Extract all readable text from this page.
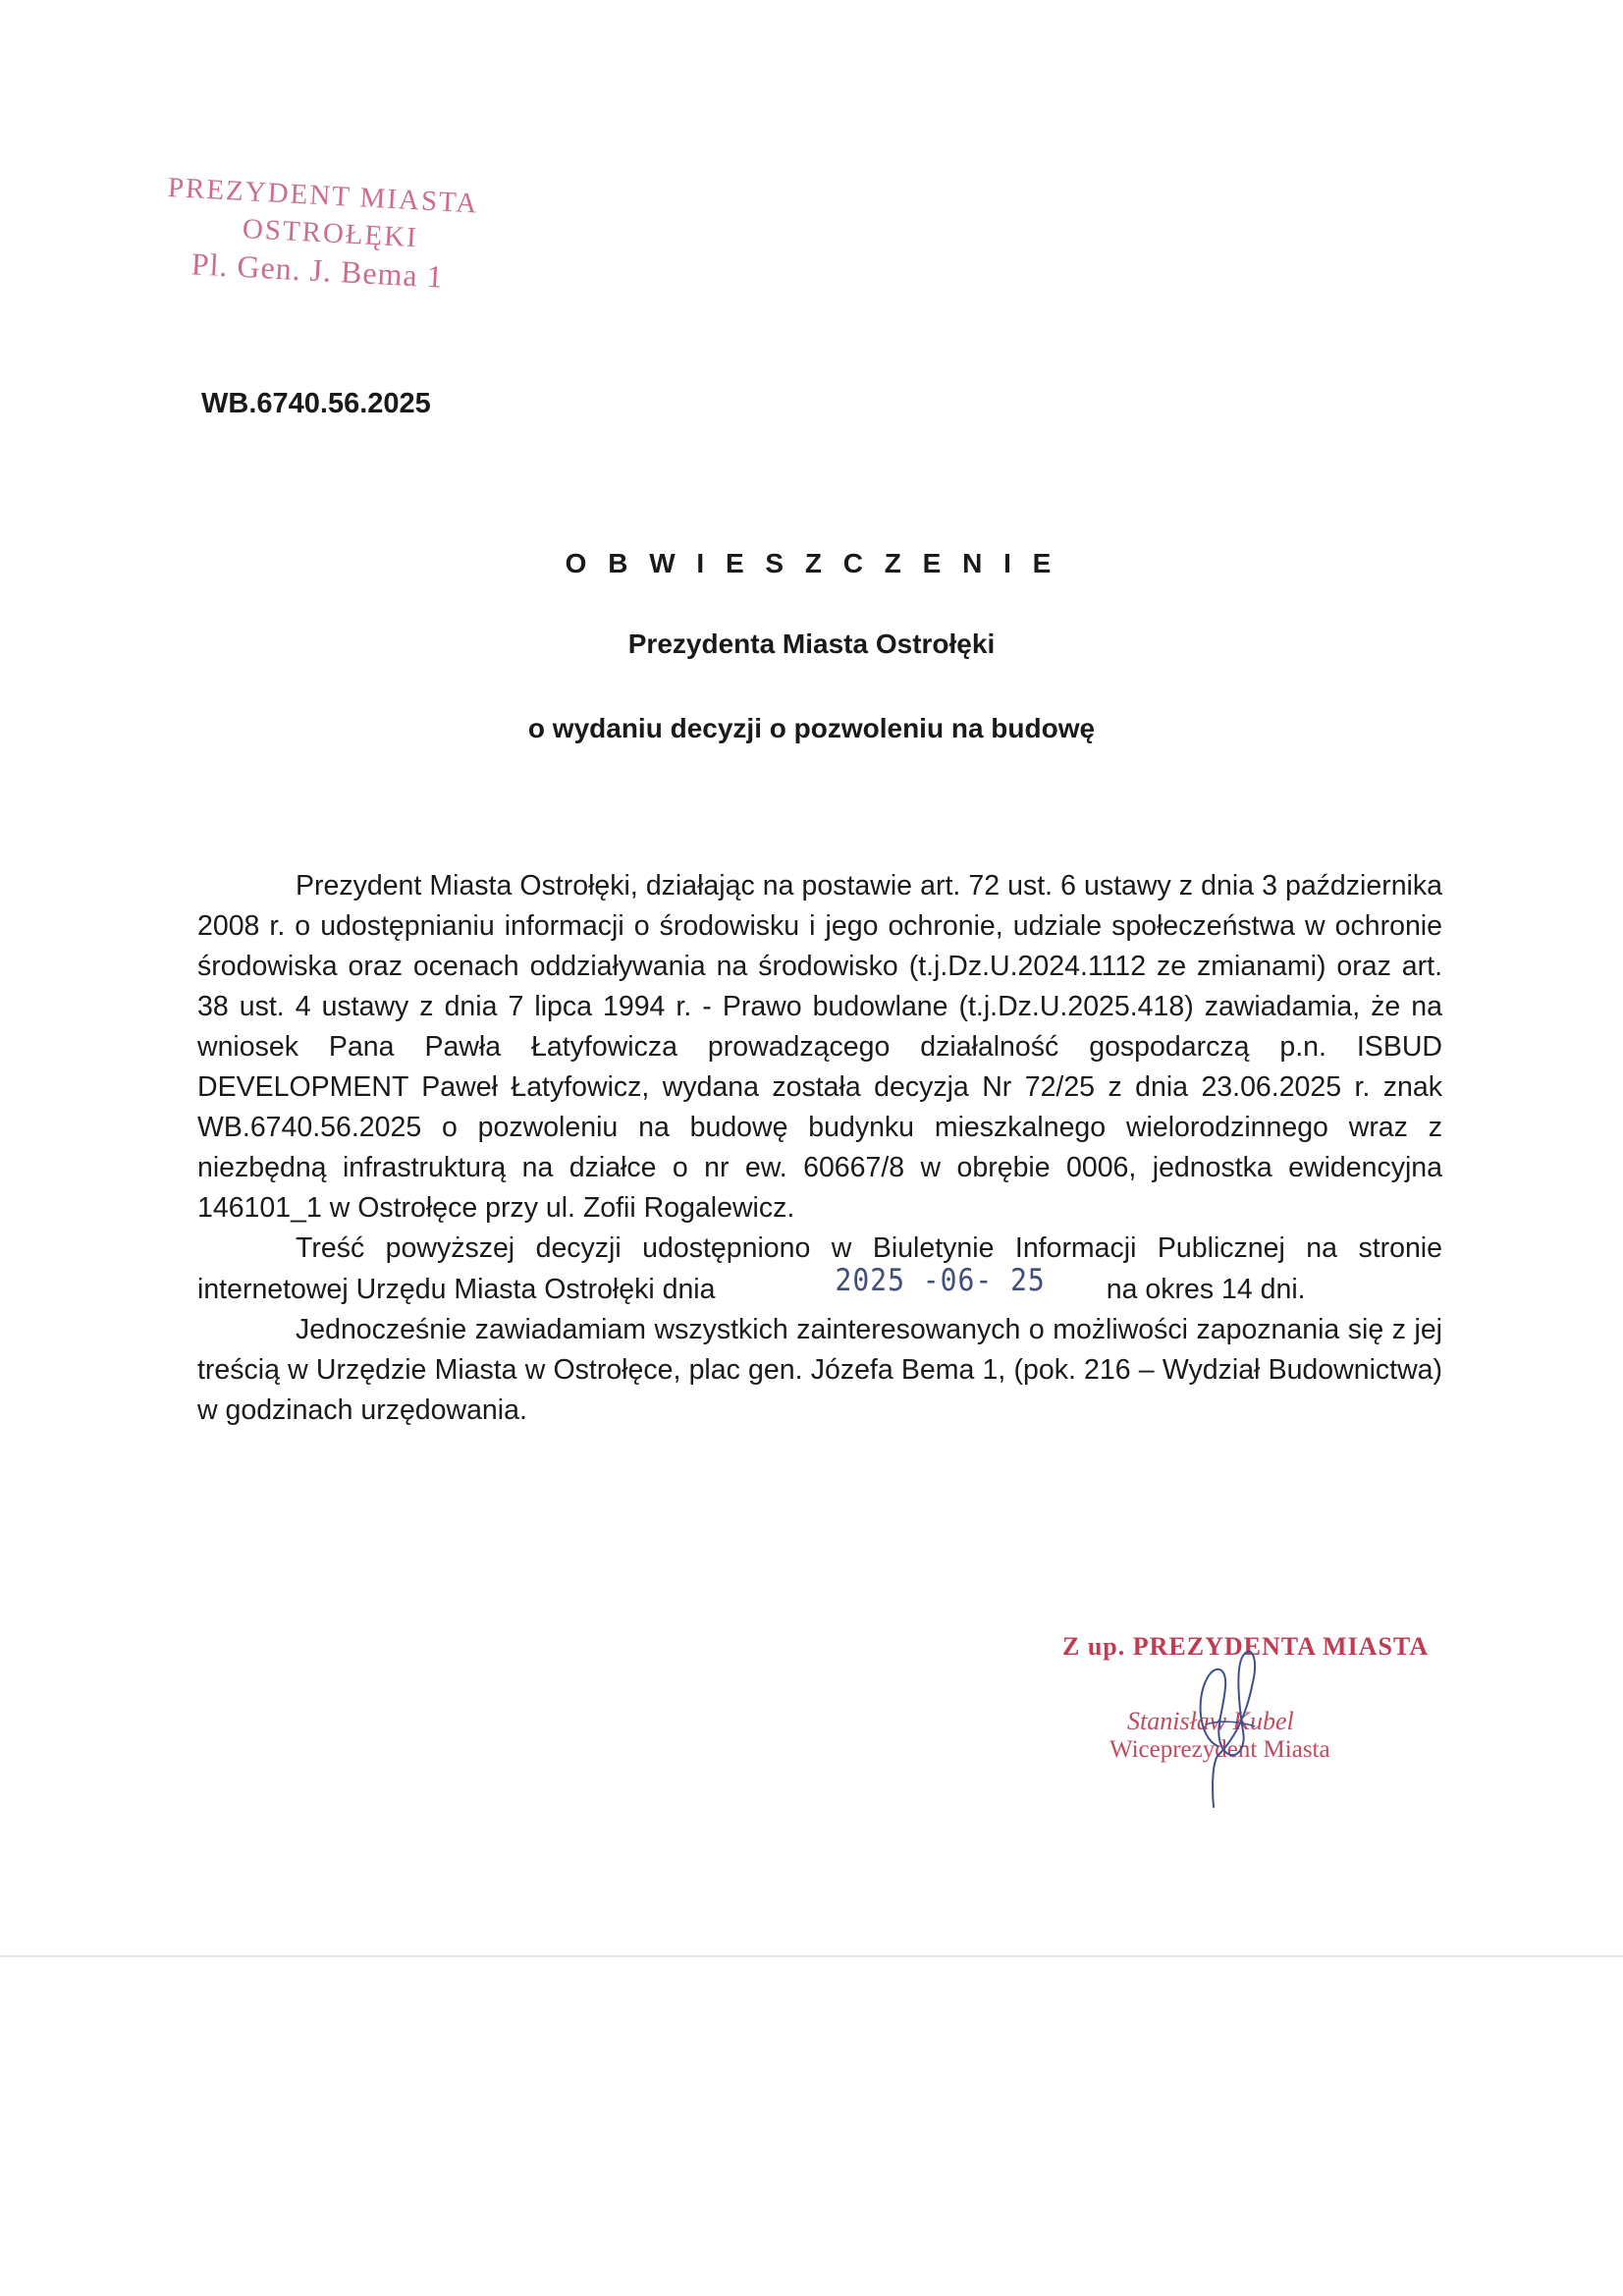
PREZYDENT MIASTA
OSTROŁĘKI
Pl. Gen. J. Bema 1
WB.6740.56.2025
O B W I E S Z C Z E N I E
Prezydenta Miasta Ostrołęki
o wydaniu decyzji o pozwoleniu na budowę

Prezydent Miasta Ostrołęki, działając na postawie art. 72 ust. 6 ustawy z dnia 3 października 2008 r. o udostępnianiu informacji o środowisku i jego ochronie, udziale społeczeństwa w ochronie środowiska oraz ocenach oddziaływania na środowisko (t.j.Dz.U.2024.1112 ze zmianami) oraz art. 38 ust. 4 ustawy z dnia 7 lipca 1994 r. - Prawo budowlane (t.j.Dz.U.2025.418) zawiadamia, że na wniosek Pana Pawła Łatyfowicza prowadzącego działalność gospodarczą p.n. ISBUD DEVELOPMENT Paweł Łatyfowicz, wydana została decyzja Nr 72/25 z dnia 23.06.2025 r. znak WB.6740.56.2025 o pozwoleniu na budowę budynku mieszkalnego wielorodzinnego wraz z niezbędną infrastrukturą na działce o nr ew. 60667/8 w obrębie 0006, jednostka ewidencyjna 146101_1 w Ostrołęce przy ul. Zofii Rogalewicz.

Treść powyższej decyzji udostępniono w Biuletynie Informacji Publicznej na stronie internetowej Urzędu Miasta Ostrołęki dnia	2025 -06- 25 na okres 14 dni.

Jednocześnie zawiadamiam wszystkich zainteresowanych o możliwości zapoznania się z jej treścią w Urzędzie Miasta w Ostrołęce, plac gen. Józefa Bema 1, (pok. 216 – Wydział Budownictwa) w godzinach urzędowania.

Z up. PREZYDENTA MIASTA
Stanisław Kubel
Wiceprezydent Miasta
